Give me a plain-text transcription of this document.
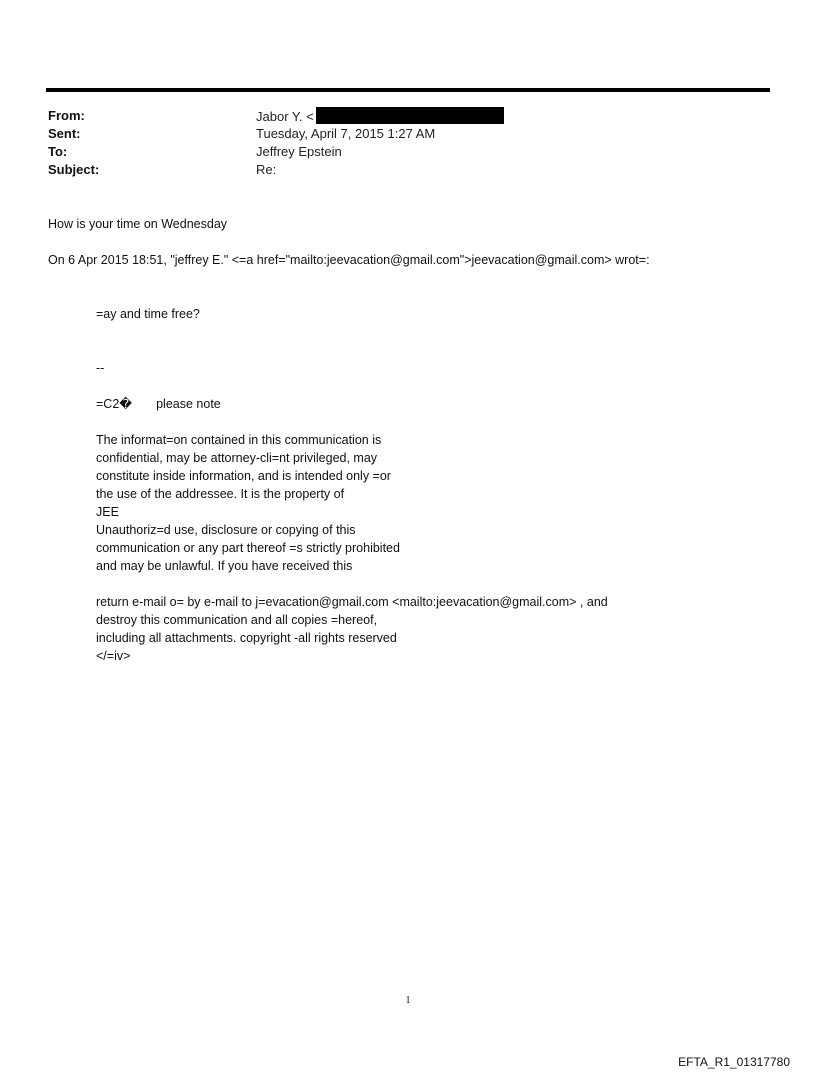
From:	Jabor Y. <
Sent:	Tuesday, April 7, 2015 1:27 AM
To:	Jeffrey Epstein
Subject:	Re:
How is your time on Wednesday
On 6 Apr 2015 18:51, "jeffrey E." <=a href="mailto:jeevacation@gmail.com">jeevacation@gmail.com> wrot=:
=ay and time free?
--
=C2� please note
The informat=on contained in this communication is
confidential, may be attorney-cli=nt privileged, may
constitute inside information, and is intended only =or
the use of the addressee. It is the property of
JEE
Unauthoriz=d use, disclosure or copying of this
communication or any part thereof =s strictly prohibited
and may be unlawful. If you have received this
return e-mail o= by e-mail to j=evacation@gmail.com <mailto:jeevacation@gmail.com> , and
destroy this communication and all copies =hereof,
including all attachments. copyright -all rights reserved
</=iv>
1
EFTA_R1_01317780
